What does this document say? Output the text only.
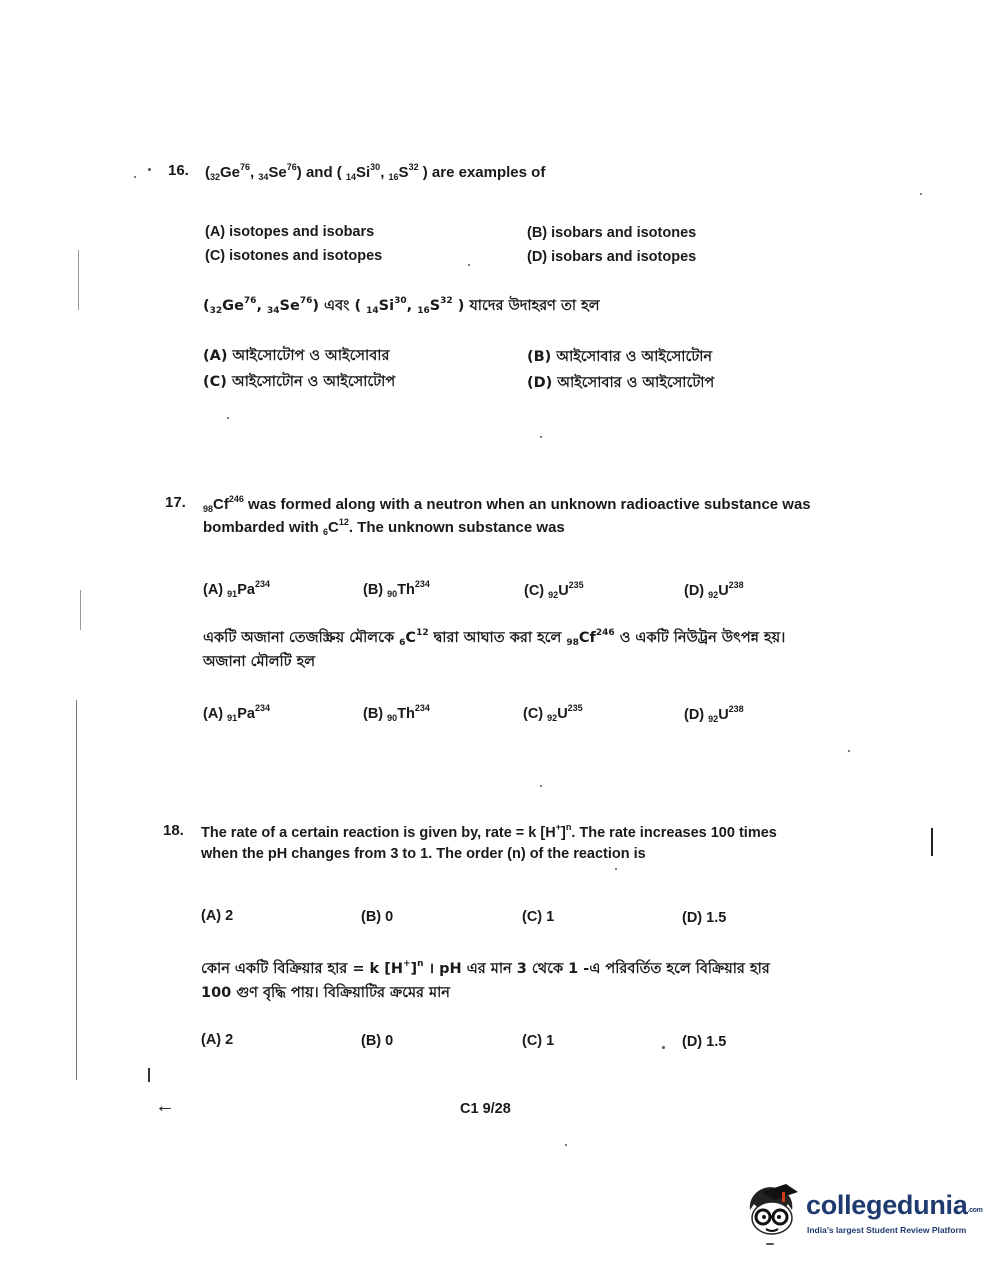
16. ($_{32}Ge^{76}$, $_{34}Se^{76}$) and ( $_{14}Si^{30}$, $_{16}S^{32}$ ) are examples of
(A) isotopes and isobars	(B) isobars and isotones
(C) isotones and isotopes	(D) isobars and isotopes
($_{32}Ge^{76}$, $_{34}Se^{76}$) এবং ( $_{14}Si^{30}$, $_{16}S^{32}$ ) যাদের উদাহরণ তা হল
(A) আইসোটোপ ও আইসোবার	(B) আইসোবার ও আইসোটোন
(C) আইসোটোন ও আইসোটোপ	(D) আইসোবার ও আইসোটোপ
17. $_{98}Cf^{246}$ was formed along with a neutron when an unknown radioactive substance was
bombarded with $_6C^{12}$. The unknown substance was
(A) $_{91}Pa^{234}$	(B) $_{90}Th^{234}$	(C) $_{92}U^{235}$	(D) $_{92}U^{238}$
একটি অজানা তেজস্ক্রিয় মৌলকে $_6C^{12}$ দ্বারা আঘাত করা হলে $_{98}Cf^{246}$ ও একটি নিউট্রন উৎপন্ন হয়।
অজানা মৌলটি হল
(A) $_{91}Pa^{234}$	(B) $_{90}Th^{234}$	(C) $_{92}U^{235}$	(D) $_{92}U^{238}$
18. The rate of a certain reaction is given by, rate = k $[H^+]^n$. The rate increases 100 times
when the pH changes from 3 to 1. The order (n) of the reaction is
(A) 2	(B) 0	(C) 1	(D) 1.5
কোন একটি বিক্রিয়ার হার = k $[H^+]^n$ । pH এর মান 3 থেকে 1 -এ পরিবর্তিত হলে বিক্রিয়ার হার
100 গুণ বৃদ্ধি পায়। বিক্রিয়াটির ক্রমের মান
(A) 2	(B) 0	(C) 1	(D) 1.5
←	C1 9/28
collegedunia.com
India's largest Student Review Platform
